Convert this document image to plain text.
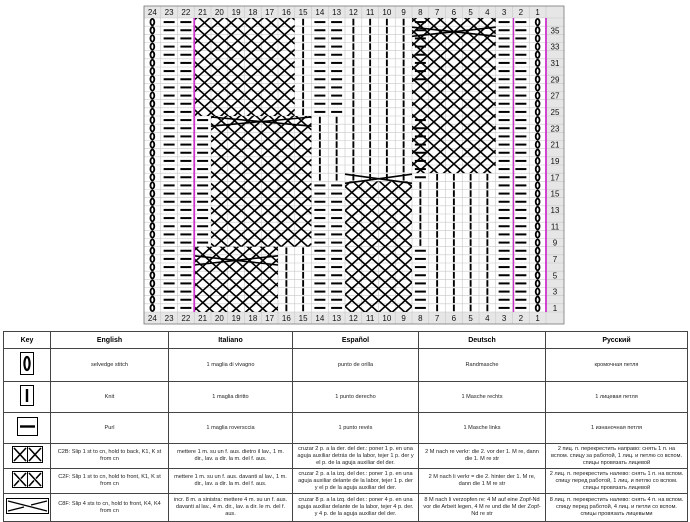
24
24
23
23
22
22
21
21
20
20
19
19
18
18
17
17
16
16
15
15
14
14
13
13
12
12
11
11
10
10
9
9
8
8
7
7
6
6
5
5
4
4
3
3
2
2
1
1
35
33
31
29
27
25
23
21
19
17
15
13
11
9
7
5
3
1
Key	English	Italiano	Español	Deutsch	Русский
	selvedge stitch	1 maglia di vivagno	punto de orilla	Randmasche	кромочная петля
	Knit	1 maglia diritto	1 punto derecho	1 Masche rechts	1 лицевая петля
	Purl	1 maglia roversccia	1 punto revés	1 Masche links	1 изнаночная петля
	C2B: Slip 1 st to cn, hold to back, K1, K st from cn	mettere 1 m. su un f. aus. dietro il lav., 1 m. dir., lav. a dir. la m. del f. aus.	cruzar 2 p. a la der. del der.: poner 1 p. en una aguja auxiliar detrás de la labor, tejer 1 p. der y el p. de la aguja auxiliar del der.	2 M nach re verkr: die 2. vor der 1. M re, dann die 1. M re str	2 пиц. п. перекрестить направо: снять 1 п. на вспом. спицу за работой, 1 лиц. и петлю со вспом. спицы провязать лицевой
	C2F: Slip 1 st to cn, hold to front, K1, K st from cn	mettere 1 m. su un f. aus. davanti al lav., 1 m. dir., lav. a dir. la m. del f. aus.	cruzar 2 p. a la izq. del der.: poner 1 p. en una aguja auxiliar delante de la labor, tejer 1 p. der y el p de la aguja auxiliar del der.	2 M nach li verkr = die 2. hinter der 1. M re, dann die 1 M re str	2 лиц. п. перекрестить налево: снять 1 п. на вспом. спицу перед работой, 1 лиц. и петлю со вспом. спицы провязать лицевой
	C8F: Slip 4 sts to cn, hold to front, K4, K4 from cn	incr. 8 m. a sinistra: mettere 4 m. su un f. aus. davanti al lav., 4 m. dir., lav. a dir. le m. del f. aus.	cruzar 8 p. a la izq. del der.: poner 4 p. en una aguja auxiliar delante de la labor, tejer 4 p. der. y 4 p. de la aguja auxiliar del der.	8 M nach li verzopfen re: 4 M auf eine Zopf-Nd vor die Arbeit legen, 4 M re und die M der Zopf-Nd re str	8 лиц. п. перекрестить налево: снять 4 п. на вспом. спицу перед работой, 4 лиц. и петли со вспом. спицы провязать лицевыми
